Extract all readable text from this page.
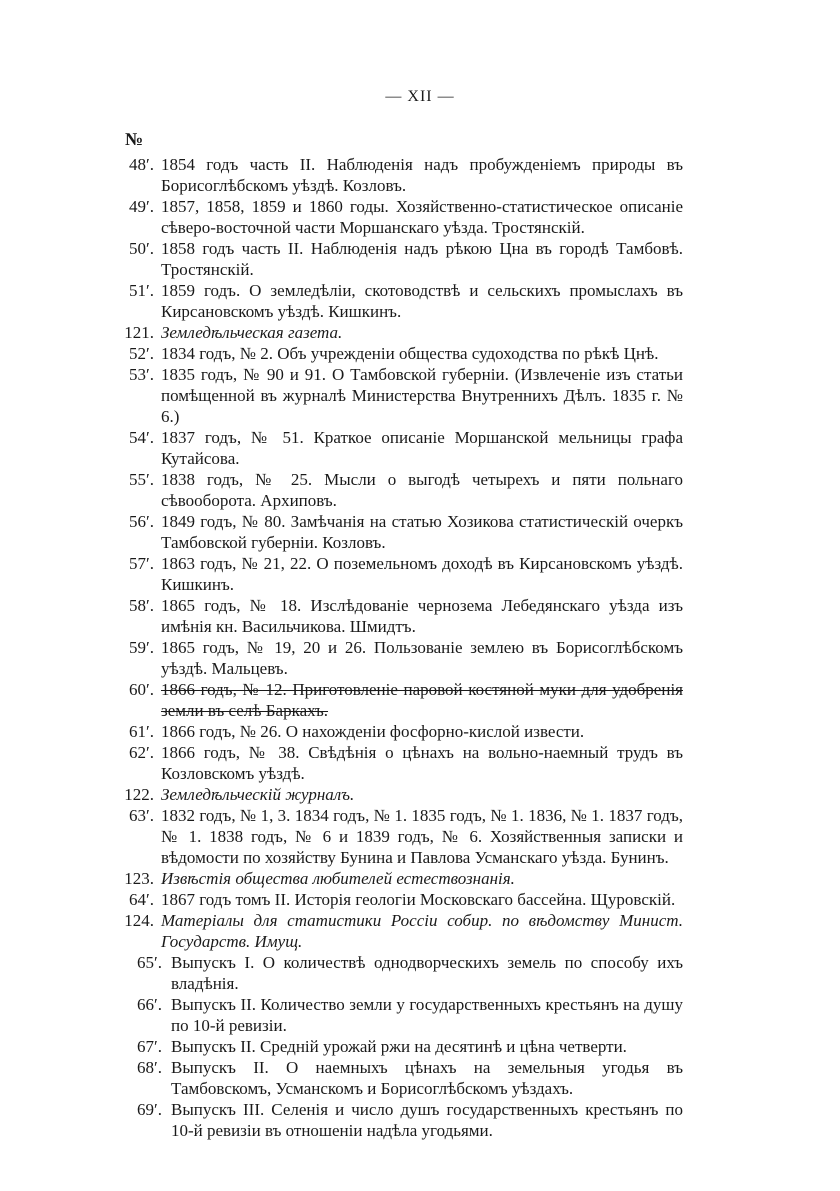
— XII —
№
48′. 1854 годъ часть II. Наблюденія надъ пробужденіемъ природы въ Борисоглѣбскомъ уѣздѣ. Козловъ.
49′. 1857, 1858, 1859 и 1860 годы. Хозяйственно-статистическое описаніе сѣверо-восточной части Моршанскаго уѣзда. Тростянскій.
50′. 1858 годъ часть II. Наблюденія надъ рѣкою Цна въ городѣ Тамбовѣ. Тростянскій.
51′. 1859 годъ. О земледѣліи, скотоводствѣ и сельскихъ промыслахъ въ Кирсановскомъ уѣздѣ. Кишкинъ.
121. Земледѣльческая газета.
52′. 1834 годъ, № 2. Объ учрежденіи общества судоходства по рѣкѣ Цнѣ.
53′. 1835 годъ, № 90 и 91. О Тамбовской губерніи. (Извлеченіе изъ статьи помѣщенной въ журналѣ Министерства Внутреннихъ Дѣлъ. 1835 г. № 6.)
54′. 1837 годъ, № 51. Краткое описаніе Моршанской мельницы графа Кутайсова.
55′. 1838 годъ, № 25. Мысли о выгодѣ четырехъ и пяти польнаго сѣвооборота. Архиповъ.
56′. 1849 годъ, № 80. Замѣчанія на статью Хозикова статистическій очеркъ Тамбовской губерніи. Козловъ.
57′. 1863 годъ, № 21, 22. О поземельномъ доходѣ въ Кирсановскомъ уѣздѣ. Кишкинъ.
58′. 1865 годъ, № 18. Изслѣдованіе чернозема Лебедянскаго уѣзда изъ имѣнія кн. Васильчикова. Шмидтъ.
59′. 1865 годъ, № 19, 20 и 26. Пользованіе землею въ Борисоглѣбскомъ уѣздѣ. Мальцевъ.
60′. 1866 годъ, № 12. Приготовленіе паровой костяной муки для удобренія земли въ селѣ Баркахъ.
61′. 1866 годъ, № 26. О нахожденіи фосфорно-кислой извести.
62′. 1866 годъ, № 38. Свѣдѣнія о цѣнахъ на вольно-наемный трудъ въ Козловскомъ уѣздѣ.
122. Земледѣльческій журналъ.
63′. 1832 годъ, № 1, 3. 1834 годъ, № 1. 1835 годъ, № 1. 1836, № 1. 1837 годъ, № 1. 1838 годъ, № 6 и 1839 годъ, № 6. Хозяйственныя записки и вѣдомости по хозяйству Бунина и Павлова Усманскаго уѣзда. Бунинъ.
123. Извѣстія общества любителей естествознанія.
64′. 1867 годъ томъ II. Исторія геологіи Московскаго бассейна. Щуровскій.
124. Матеріалы для статистики Россіи собир. по вѣдомству Минист. Государств. Имущ.
65′. Выпускъ I. О количествѣ однодворческихъ земель по способу ихъ владѣнія.
66′. Выпускъ II. Количество земли у государственныхъ крестьянъ на душу по 10-й ревизіи.
67′. Выпускъ II. Средній урожай ржи на десятинѣ и цѣна четверти.
68′. Выпускъ II. О наемныхъ цѣнахъ на земельныя угодья въ Тамбовскомъ, Усманскомъ и Борисоглѣбскомъ уѣздахъ.
69′. Выпускъ III. Селенія и число душъ государственныхъ крестьянъ по 10-й ревизіи въ отношеніи надѣла угодьями.
